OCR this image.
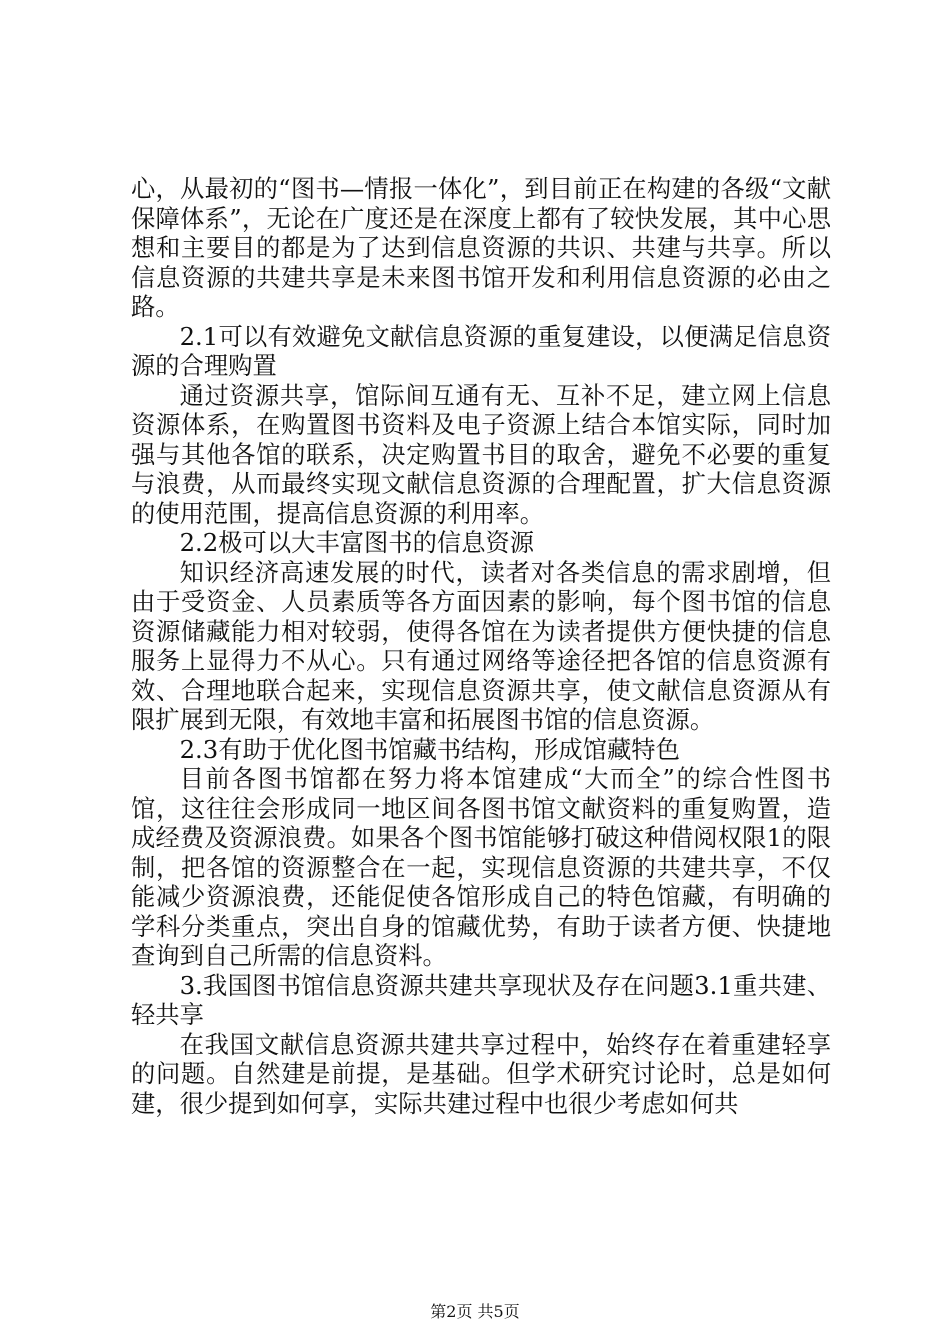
心，从最初的“图书—情报一体化”，到目前正在构建的各级“文献保障体系”，无论在广度还是在深度上都有了较快发展，其中心思想和主要目的都是为了达到信息资源的共识、共建与共享。所以信息资源的共建共享是未来图书馆开发和利用信息资源的必由之路。

2.1可以有效避免文献信息资源的重复建设，以便满足信息资源的合理购置

通过资源共享，馆际间互通有无、互补不足，建立网上信息资源体系，在购置图书资料及电子资源上结合本馆实际，同时加强与其他各馆的联系，决定购置书目的取舍，避免不必要的重复与浪费，从而最终实现文献信息资源的合理配置，扩大信息资源的使用范围，提高信息资源的利用率。

2.2极可以大丰富图书的信息资源

知识经济高速发展的时代，读者对各类信息的需求剧增，但由于受资金、人员素质等各方面因素的影响，每个图书馆的信息资源储藏能力相对较弱，使得各馆在为读者提供方便快捷的信息服务上显得力不从心。只有通过网络等途径把各馆的信息资源有效、合理地联合起来，实现信息资源共享，使文献信息资源从有限扩展到无限，有效地丰富和拓展图书馆的信息资源。

2.3有助于优化图书馆藏书结构，形成馆藏特色

目前各图书馆都在努力将本馆建成“大而全”的综合性图书馆，这往往会形成同一地区间各图书馆文献资料的重复购置，造成经费及资源浪费。如果各个图书馆能够打破这种借阅权限1的限制，把各馆的资源整合在一起，实现信息资源的共建共享，不仅能减少资源浪费，还能促使各馆形成自己的特色馆藏，有明确的学科分类重点，突出自身的馆藏优势，有助于读者方便、快捷地查询到自己所需的信息资料。

3.我国图书馆信息资源共建共享现状及存在问题3.1重共建、轻共享

在我国文献信息资源共建共享过程中，始终存在着重建轻享的问题。自然建是前提，是基础。但学术研究讨论时，总是如何建，很少提到如何享，实际共建过程中也很少考虑如何共

第2页 共5页
